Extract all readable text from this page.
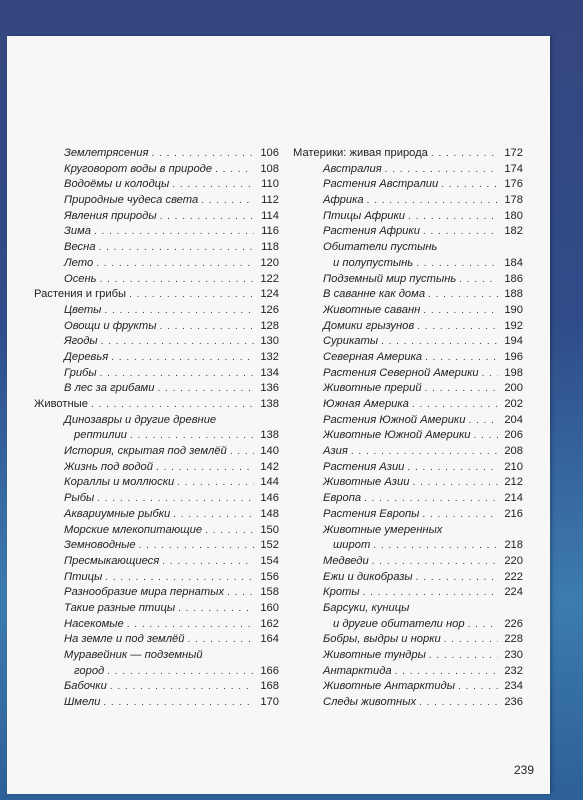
Землетрясения . . .	106
Круговорот воды в природе . . .	108
Водоёмы и колодцы . . .	110
Природные чудеса света . . .	112
Явления природы . . .	114
Зима . . .	116
Весна . . .	118
Лето . . .	120
Осень . . .	122
Растения и грибы . . .	124
Цветы . . .	126
Овощи и фрукты . . .	128
Ягоды . . .	130
Деревья . . .	132
Грибы . . .	134
В лес за грибами . . .	136
Животные . . .	138
Динозавры и другие древние
рептилии . . .	138
История, скрытая под землёй . . .	140
Жизнь под водой . . .	142
Кораллы и моллюски . . .	144
Рыбы . . .	146
Аквариумные рыбки . . .	148
Морские млекопитающие . . .	150
Земноводные . . .	152
Пресмыкающиеся . . .	154
Птицы . . .	156
Разнообразие мира пернатых . . .	158
Такие разные птицы . . .	160
Насекомые . . .	162
На земле и под землёй . . .	164
Муравейник — подземный
город . . .	166
Бабочки . . .	168
Шмели . . .	170
Материки: живая природа . . .	172
Австралия . . .	174
Растения Австралии . . .	176
Африка . . .	178
Птицы Африки . . .	180
Растения Африки . . .	182
Обитатели пустынь
и полупустынь . . .	184
Подземный мир пустынь . . .	186
В саванне как дома . . .	188
Животные саванн . . .	190
Домики грызунов . . .	192
Сурикаты . . .	194
Северная Америка . . .	196
Растения Северной Америки . . . 198
Животные прерий . . .	200
Южная Америка . . .	202
Растения Южной Америки . . .	204
Животные Южной Америки . . .	206
Азия . . .	208
Растения Азии . . .	210
Животные Азии . . .	212
Европа . . .	214
Растения Европы . . .	216
Животные умеренных
широт . . .	218
Медведи . . .	220
Ежи и дикобразы . . .	222
Кроты . . .	224
Барсуки, куницы
и другие обитатели нор . . .	226
Бобры, выдры и норки . . .	228
Животные тундры . . .	230
Антарктида . . .	232
Животные Антарктиды . . .	234
Следы животных . . .	236
239
